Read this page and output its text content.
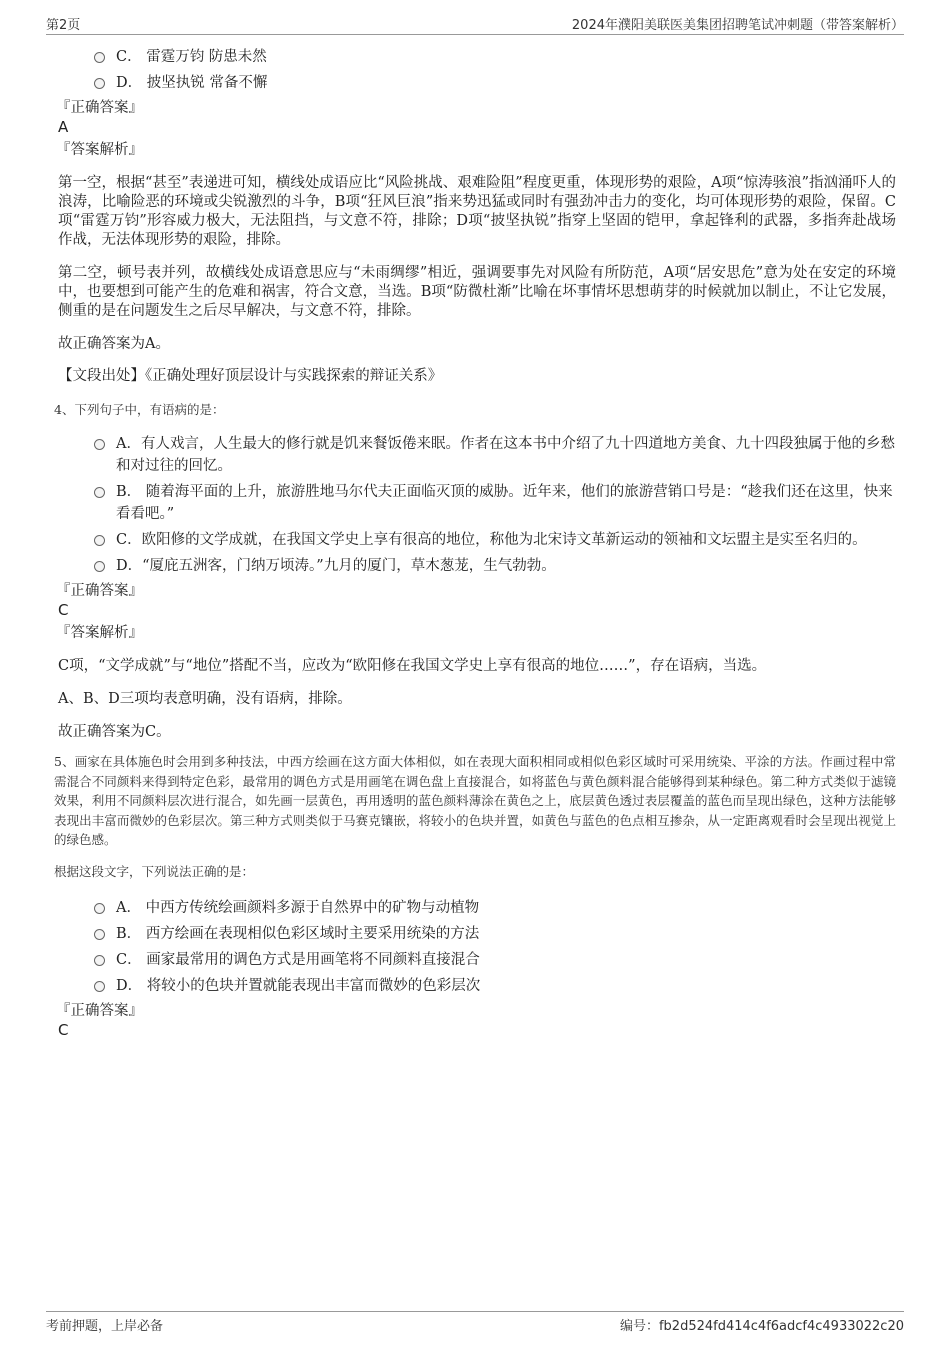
第2页	2024年濮阳美联医美集团招聘笔试冲刺题（带答案解析）
C． 雷霆万钧 防患未然
D． 披坚执锐 常备不懈
『正确答案』
A
『答案解析』
第一空，根据“甚至”表递进可知，横线处成语应比“风险挑战、艰难险阻”程度更重，体现形势的艰险，A项“惊涛骇浪”指汹涌吓人的浪涛，比喻险恶的环境或尖锐激烈的斗争，B项“狂风巨浪”指来势迅猛或同时有强劲冲击力的变化，均可体现形势的艰险，保留。C项“雷霆万钧”形容威力极大，无法阻挡，与文意不符，排除；D项“披坚执锐”指穿上坚固的铠甲，拿起锋利的武器，多指奔赴战场作战，无法体现形势的艰险，排除。
第二空，顿号表并列，故横线处成语意思应与“未雨绸缪”相近，强调要事先对风险有所防范，A项“居安思危”意为处在安定的环境中，也要想到可能产生的危难和祸害，符合文意，当选。B项“防微杜渐”比喻在坏事情坏思想萌芽的时候就加以制止，不让它发展，侧重的是在问题发生之后尽早解决，与文意不符，排除。
故正确答案为A。
【文段出处】《正确处理好顶层设计与实践探索的辩证关系》
4、下列句子中，有语病的是：
A．有人戏言，人生最大的修行就是饥来餐饭倦来眠。作者在这本书中介绍了九十四道地方美食、九十四段独属于他的乡愁和对过往的回忆。
B． 随着海平面的上升，旅游胜地马尔代夫正面临灭顶的威胁。近年来，他们的旅游营销口号是：“趁我们还在这里，快来看看吧。”
C．欧阳修的文学成就，在我国文学史上享有很高的地位，称他为北宋诗文革新运动的领袖和文坛盟主是实至名归的。
D．“厦庇五洲客，门纳万顷涛。”九月的厦门，草木葱茏，生气勃勃。
『正确答案』
C
『答案解析』
C项，“文学成就”与“地位”搭配不当，应改为“欧阳修在我国文学史上享有很高的地位……”，存在语病，当选。
A、B、D三项均表意明确，没有语病，排除。
故正确答案为C。
5、画家在具体施色时会用到多种技法，中西方绘画在这方面大体相似，如在表现大面积相同或相似色彩区域时可采用统染、平涂的方法。作画过程中常需混合不同颜料来得到特定色彩，最常用的调色方式是用画笔在调色盘上直接混合，如将蓝色与黄色颜料混合能够得到某种绿色。第二种方式类似于滤镜效果，利用不同颜料层次进行混合，如先画一层黄色，再用透明的蓝色颜料薄涂在黄色之上，底层黄色透过表层覆盖的蓝色而呈现出绿色，这种方法能够表现出丰富而微妙的色彩层次。第三种方式则类似于马赛克镶嵌，将较小的色块并置，如黄色与蓝色的色点相互掺杂，从一定距离观看时会呈现出视觉上的绿色感。
根据这段文字，下列说法正确的是：
A． 中西方传统绘画颜料多源于自然界中的矿物与动植物
B． 西方绘画在表现相似色彩区域时主要采用统染的方法
C． 画家最常用的调色方式是用画笔将不同颜料直接混合
D． 将较小的色块并置就能表现出丰富而微妙的色彩层次
『正确答案』
C
考前押题，上岸必备	编号：fb2d524fd414c4f6adcf4c4933022c20
